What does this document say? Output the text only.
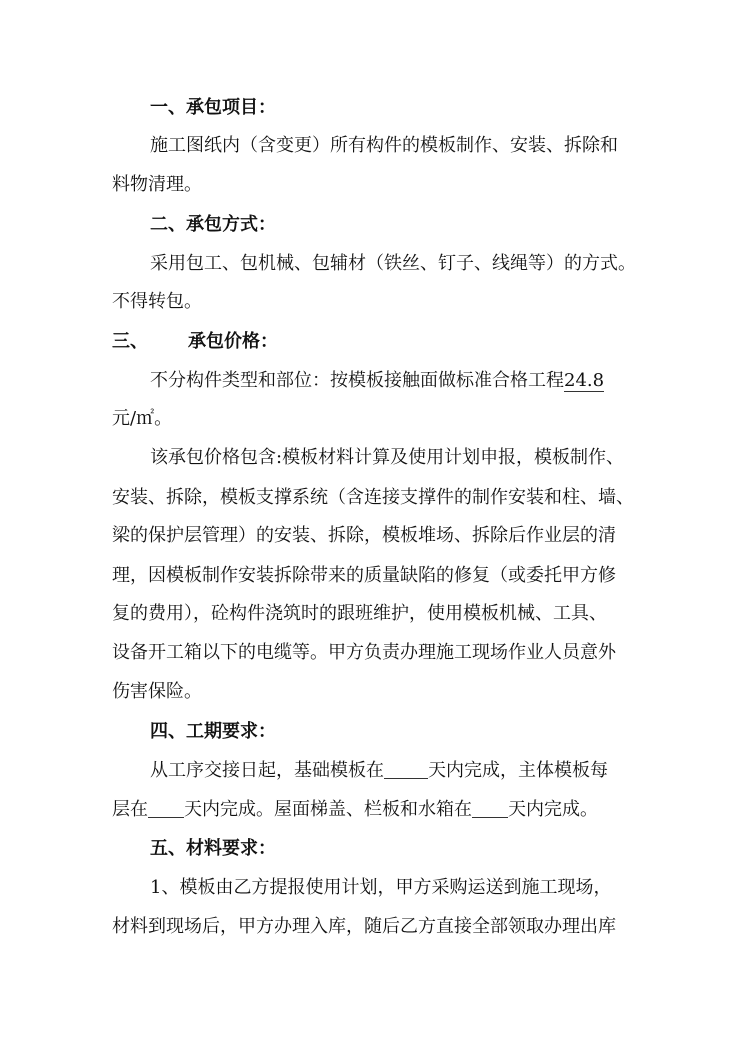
一、承包项目：
施工图纸内（含变更）所有构件的模板制作、安装、拆除和
料物清理。
二、承包方式：
采用包工、包机械、包辅材（铁丝、钉子、线绳等）的方式。
不得转包。
三、	承包价格：
不分构件类型和部位：按模板接触面做标准合格工程24.8
元/㎡。
该承包价格包含:模板材料计算及使用计划申报，模板制作、
安装、拆除，模板支撑系统（含连接支撑件的制作安装和柱、墙、
梁的保护层管理）的安装、拆除，模板堆场、拆除后作业层的清
理，因模板制作安装拆除带来的质量缺陷的修复（或委托甲方修
复的费用），砼构件浇筑时的跟班维护，使用模板机械、工具、
设备开工箱以下的电缆等。甲方负责办理施工现场作业人员意外
伤害保险。
四、工期要求：
从工序交接日起，基础模板在 天内完成，主体模板每
层在 天内完成。屋面梯盖、栏板和水箱在 天内完成。
五、材料要求：
1、模板由乙方提报使用计划，甲方采购运送到施工现场，
材料到现场后，甲方办理入库，随后乙方直接全部领取办理出库
